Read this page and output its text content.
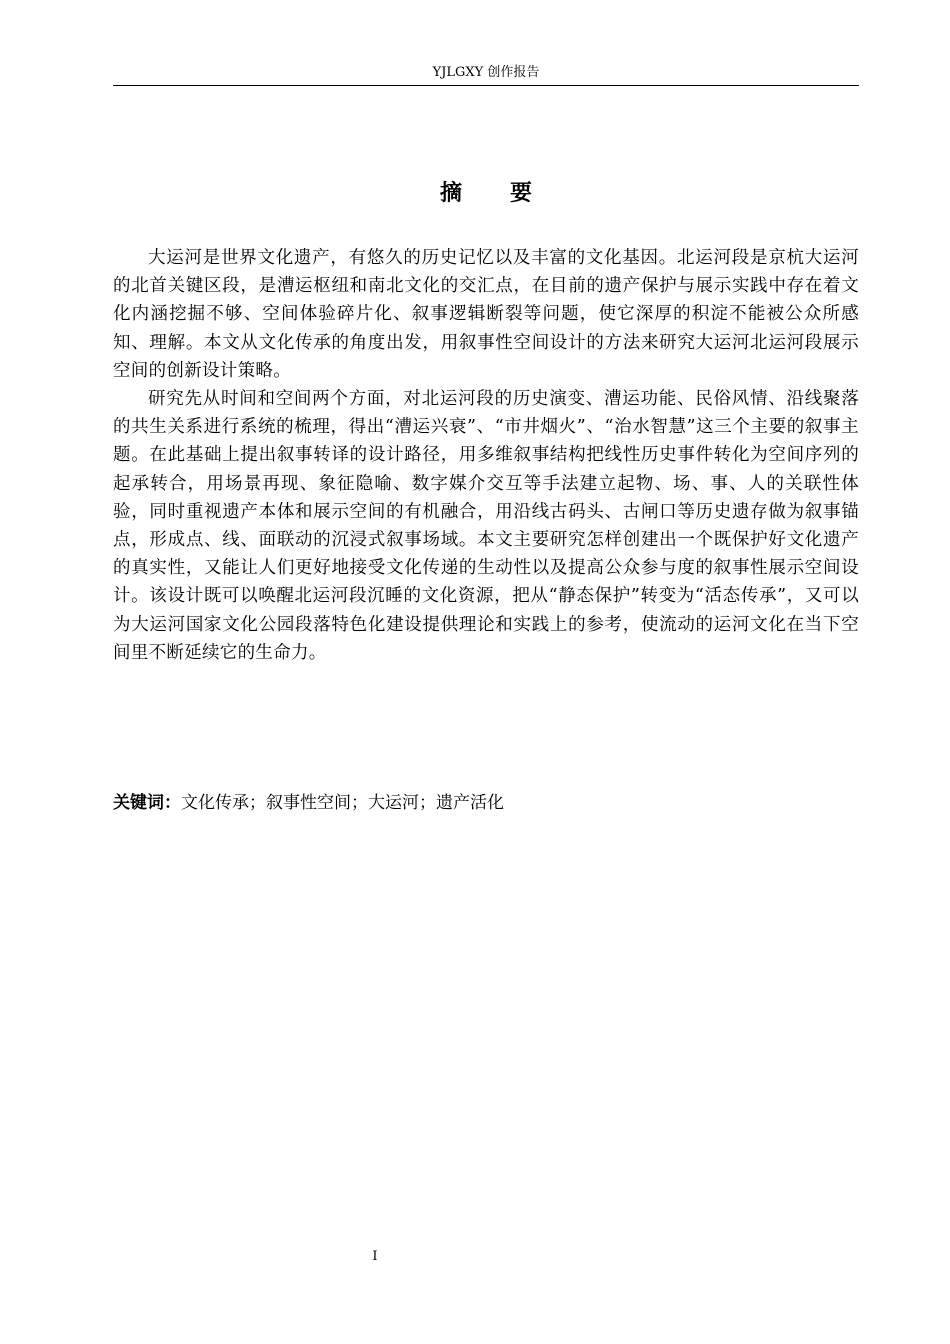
YJLGXY 创作报告
摘要

大运河是世界文化遗产，有悠久的历史记忆以及丰富的文化基因。北运河段是京杭大运河的北首关键区段，是漕运枢纽和南北文化的交汇点，在目前的遗产保护与展示实践中存在着文化内涵挖掘不够、空间体验碎片化、叙事逻辑断裂等问题，使它深厚的积淀不能被公众所感知、理解。本文从文化传承的角度出发，用叙事性空间设计的方法来研究大运河北运河段展示空间的创新设计策略。

研究先从时间和空间两个方面，对北运河段的历史演变、漕运功能、民俗风情、沿线聚落的共生关系进行系统的梳理，得出“漕运兴衰”、“市井烟火”、“治水智慧”这三个主要的叙事主题。在此基础上提出叙事转译的设计路径，用多维叙事结构把线性历史事件转化为空间序列的起承转合，用场景再现、象征隐喻、数字媒介交互等手法建立起物、场、事、人的关联性体验，同时重视遗产本体和展示空间的有机融合，用沿线古码头、古闸口等历史遗存做为叙事锚点，形成点、线、面联动的沉浸式叙事场域。本文主要研究怎样创建出一个既保护好文化遗产的真实性，又能让人们更好地接受文化传递的生动性以及提高公众参与度的叙事性展示空间设计。该设计既可以唤醒北运河段沉睡的文化资源，把从“静态保护”转变为“活态传承”，又可以为大运河国家文化公园段落特色化建设提供理论和实践上的参考，使流动的运河文化在当下空间里不断延续它的生命力。

关键词：文化传承；叙事性空间；大运河；遗产活化
I
